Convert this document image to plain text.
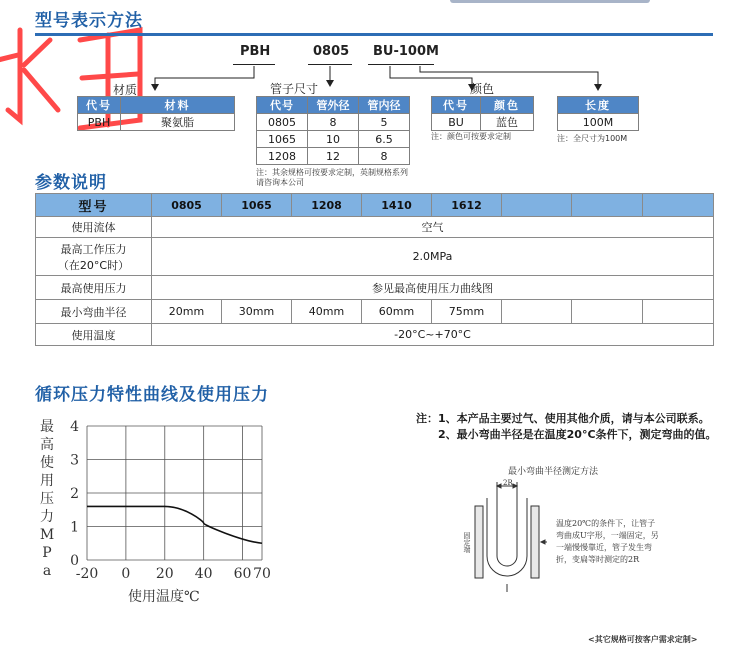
型号表示方法
PBH	0805 BU-100M
材质	管子尺寸	颜色
代号	材料
PBH	聚氨脂
代号	管外径	管内径
0805	8	5
1065	10	6.5
1208	12	8
注：其余规格可按要求定制，英制规格系列
请咨询本公司
代号	颜色
BU	蓝色
注：颜色可按要求定制
长度
100M
注：全尺寸为100M
参数说明
型号	0805	1065	1208	1410	1612			
使用流体	空气							

最高工作压力
（在20°C时）	2.0MPa							
最高使用压力	参见最高使用压力曲线图							
最小弯曲半径	20mm	30mm	40mm	60mm	75mm			
使用温度	-20°C~+70°C							
循环压力特性曲线及使用压力
最
高
使
用
压
力
M
P
a -20 0 20 40 60 70
0
1
2
3
4
使用温度℃
注： 1、本产品主要过气、使用其他介质，请与本公司联系。
2、最小弯曲半径是在温度20°C条件下，测定弯曲的值。
最小弯曲半径测定方法
2R
固定端
温度20℃的条件下，让管子
弯曲成U字形，一端固定，另
一端慢慢靠近，管子发生弯
折，变扁等时测定的2R
<其它规格可按客户需求定制>
